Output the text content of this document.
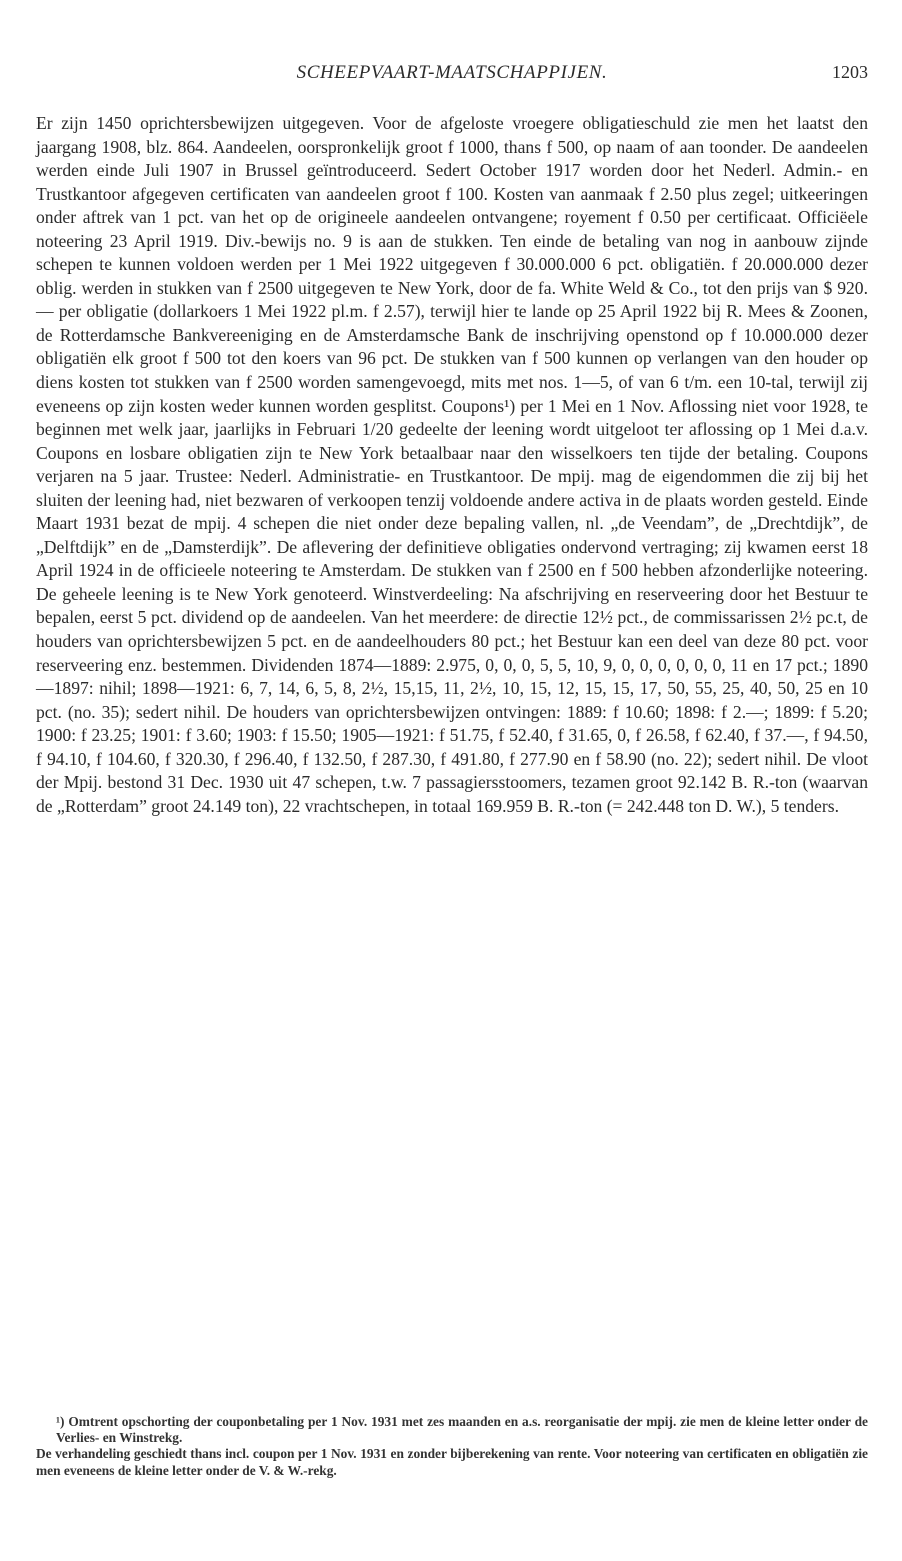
SCHEEPVAART-MAATSCHAPPIJEN.	1203

Er zijn 1450 oprichtersbewijzen uitgegeven. Voor de afgeloste vroegere obligatieschuld zie men het laatst den jaargang 1908, blz. 864. Aandeelen, oorspronkelijk groot f 1000, thans f 500, op naam of aan toonder. De aandeelen werden einde Juli 1907 in Brussel geïntroduceerd. Sedert October 1917 worden door het Nederl. Admin.- en Trustkantoor afgegeven certificaten van aandeelen groot f 100. Kosten van aanmaak f 2.50 plus zegel; uitkeeringen onder aftrek van 1 pct. van het op de origineele aandeelen ontvangene; royement f 0.50 per certificaat. Officiëele noteering 23 April 1919. Div.-bewijs no. 9 is aan de stukken. Ten einde de betaling van nog in aanbouw zijnde schepen te kunnen voldoen werden per 1 Mei 1922 uitgegeven f 30.000.000 6 pct. obligatiën. f 20.000.000 dezer oblig. werden in stukken van f 2500 uitgegeven te New York, door de fa. White Weld & Co., tot den prijs van $ 920.— per obligatie (dollarkoers 1 Mei 1922 pl.m. f 2.57), terwijl hier te lande op 25 April 1922 bij R. Mees & Zoonen, de Rotterdamsche Bankvereeniging en de Amsterdamsche Bank de inschrijving openstond op f 10.000.000 dezer obligatiën elk groot f 500 tot den koers van 96 pct. De stukken van f 500 kunnen op verlangen van den houder op diens kosten tot stukken van f 2500 worden samengevoegd, mits met nos. 1—5, of van 6 t/m. een 10-tal, terwijl zij eveneens op zijn kosten weder kunnen worden gesplitst. Coupons¹) per 1 Mei en 1 Nov. Aflossing niet voor 1928, te beginnen met welk jaar, jaarlijks in Februari 1/20 gedeelte der leening wordt uitgeloot ter aflossing op 1 Mei d.a.v. Coupons en losbare obligatien zijn te New York betaalbaar naar den wisselkoers ten tijde der betaling. Coupons verjaren na 5 jaar. Trustee: Nederl. Administratie- en Trustkantoor. De mpij. mag de eigendommen die zij bij het sluiten der leening had, niet bezwaren of verkoopen tenzij voldoende andere activa in de plaats worden gesteld. Einde Maart 1931 bezat de mpij. 4 schepen die niet onder deze bepaling vallen, nl. „de Veendam”, de „Drechtdijk”, de „Delftdijk” en de „Damsterdijk”. De aflevering der definitieve obligaties ondervond vertraging; zij kwamen eerst 18 April 1924 in de officieele noteering te Amsterdam. De stukken van f 2500 en f 500 hebben afzonderlijke noteering. De geheele leening is te New York genoteerd. Winstverdeeling: Na afschrijving en reserveering door het Bestuur te bepalen, eerst 5 pct. dividend op de aandeelen. Van het meerdere: de directie 12½ pct., de commissarissen 2½ pc.t, de houders van oprichtersbewijzen 5 pct. en de aandeelhouders 80 pct.; het Bestuur kan een deel van deze 80 pct. voor reserveering enz. bestemmen. Dividenden 1874—1889: 2.975, 0, 0, 0, 5, 5, 10, 9, 0, 0, 0, 0, 0, 0, 11 en 17 pct.; 1890—1897: nihil; 1898—1921: 6, 7, 14, 6, 5, 8, 2½, 15,15, 11, 2½, 10, 15, 12, 15, 15, 17, 50, 55, 25, 40, 50, 25 en 10 pct. (no. 35); sedert nihil. De houders van oprichtersbewijzen ontvingen: 1889: f 10.60; 1898: f 2.—; 1899: f 5.20; 1900: f 23.25; 1901: f 3.60; 1903: f 15.50; 1905—1921: f 51.75, f 52.40, f 31.65, 0, f 26.58, f 62.40, f 37.—, f 94.50, f 94.10, f 104.60, f 320.30, f 296.40, f 132.50, f 287.30, f 491.80, f 277.90 en f 58.90 (no. 22); sedert nihil. De vloot der Mpij. bestond 31 Dec. 1930 uit 47 schepen, t.w. 7 passagiersstoomers, tezamen groot 92.142 B. R.-ton (waarvan de „Rotterdam” groot 24.149 ton), 22 vrachtschepen, in totaal 169.959 B. R.-ton (= 242.448 ton D. W.), 5 tenders.

¹) Omtrent opschorting der couponbetaling per 1 Nov. 1931 met zes maanden en a.s. reorganisatie der mpij. zie men de kleine letter onder de Verlies- en Winstrekg.

De verhandeling geschiedt thans incl. coupon per 1 Nov. 1931 en zonder bijberekening van rente. Voor noteering van certificaten en obligatiën zie men eveneens de kleine letter onder de V. & W.-rekg.
